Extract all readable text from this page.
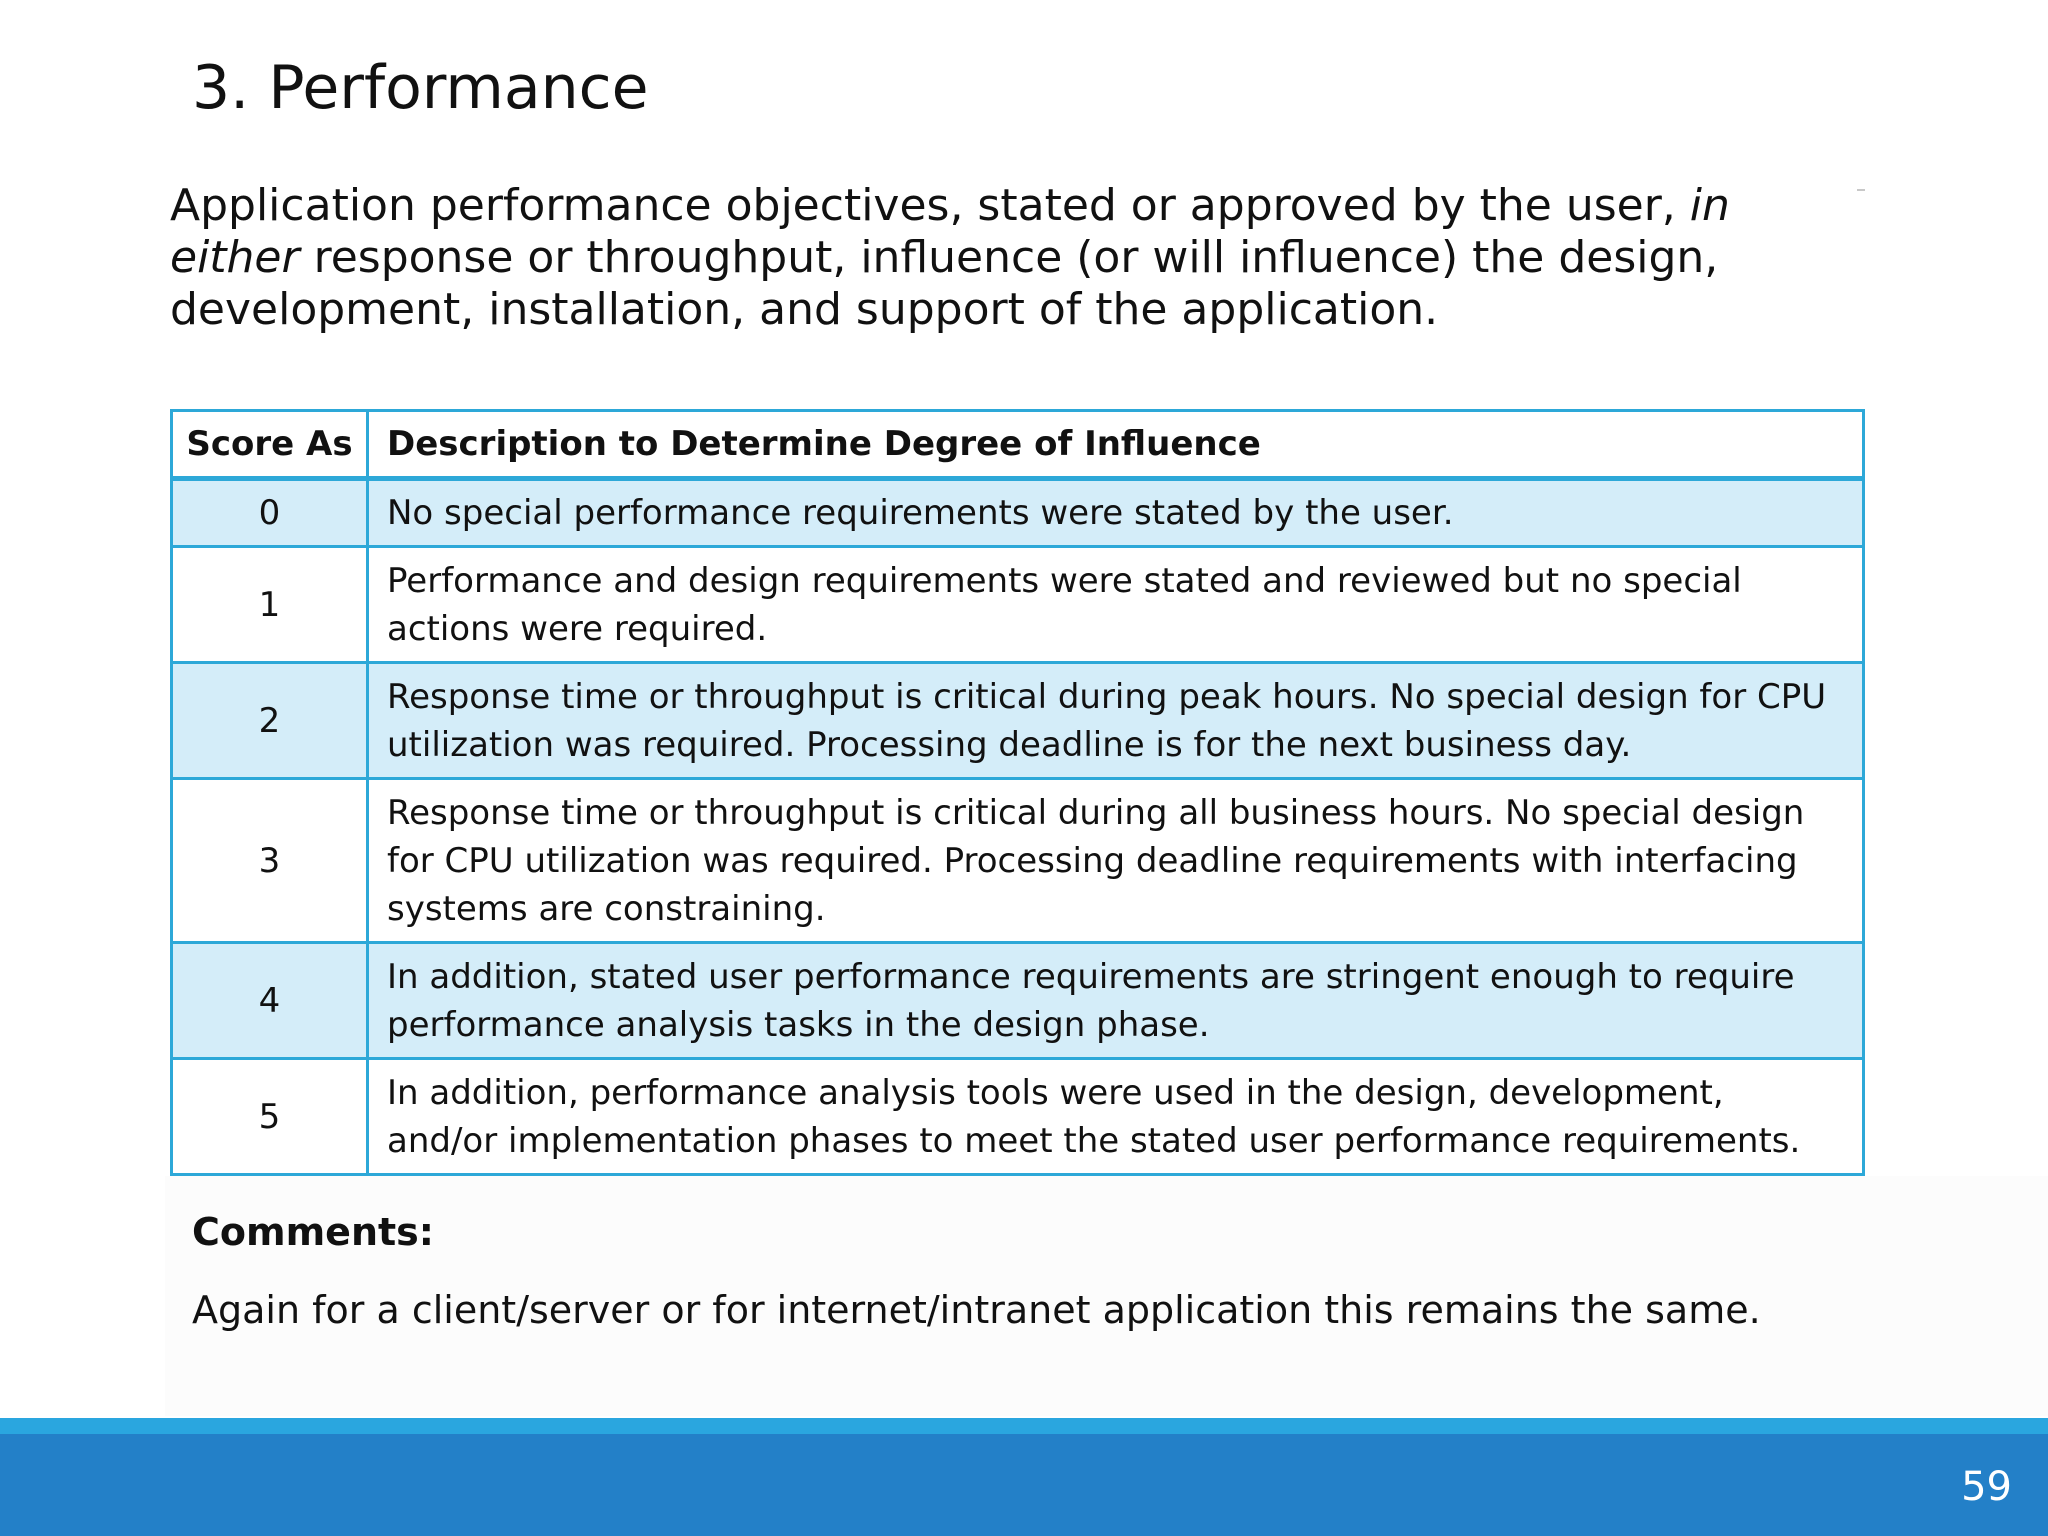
3. Performance

Application performance objectives, stated or approved by the user, in either response or throughput, influence (or will influence) the design, development, installation, and support of the application.

Score As	Description to Determine Degree of Influence
0	No special performance requirements were stated by the user.
1	Performance and design requirements were stated and reviewed but no special actions were required.
2	Response time or throughput is critical during peak hours. No special design for CPU utilization was required. Processing deadline is for the next business day.
3	Response time or throughput is critical during all business hours. No special design for CPU utilization was required. Processing deadline requirements with interfacing systems are constraining.
4	In addition, stated user performance requirements are stringent enough to require performance analysis tasks in the design phase.
5	In addition, performance analysis tools were used in the design, development, and/or implementation phases to meet the stated user performance requirements.

Comments:

Again for a client/server or for internet/intranet application this remains the same.

59
